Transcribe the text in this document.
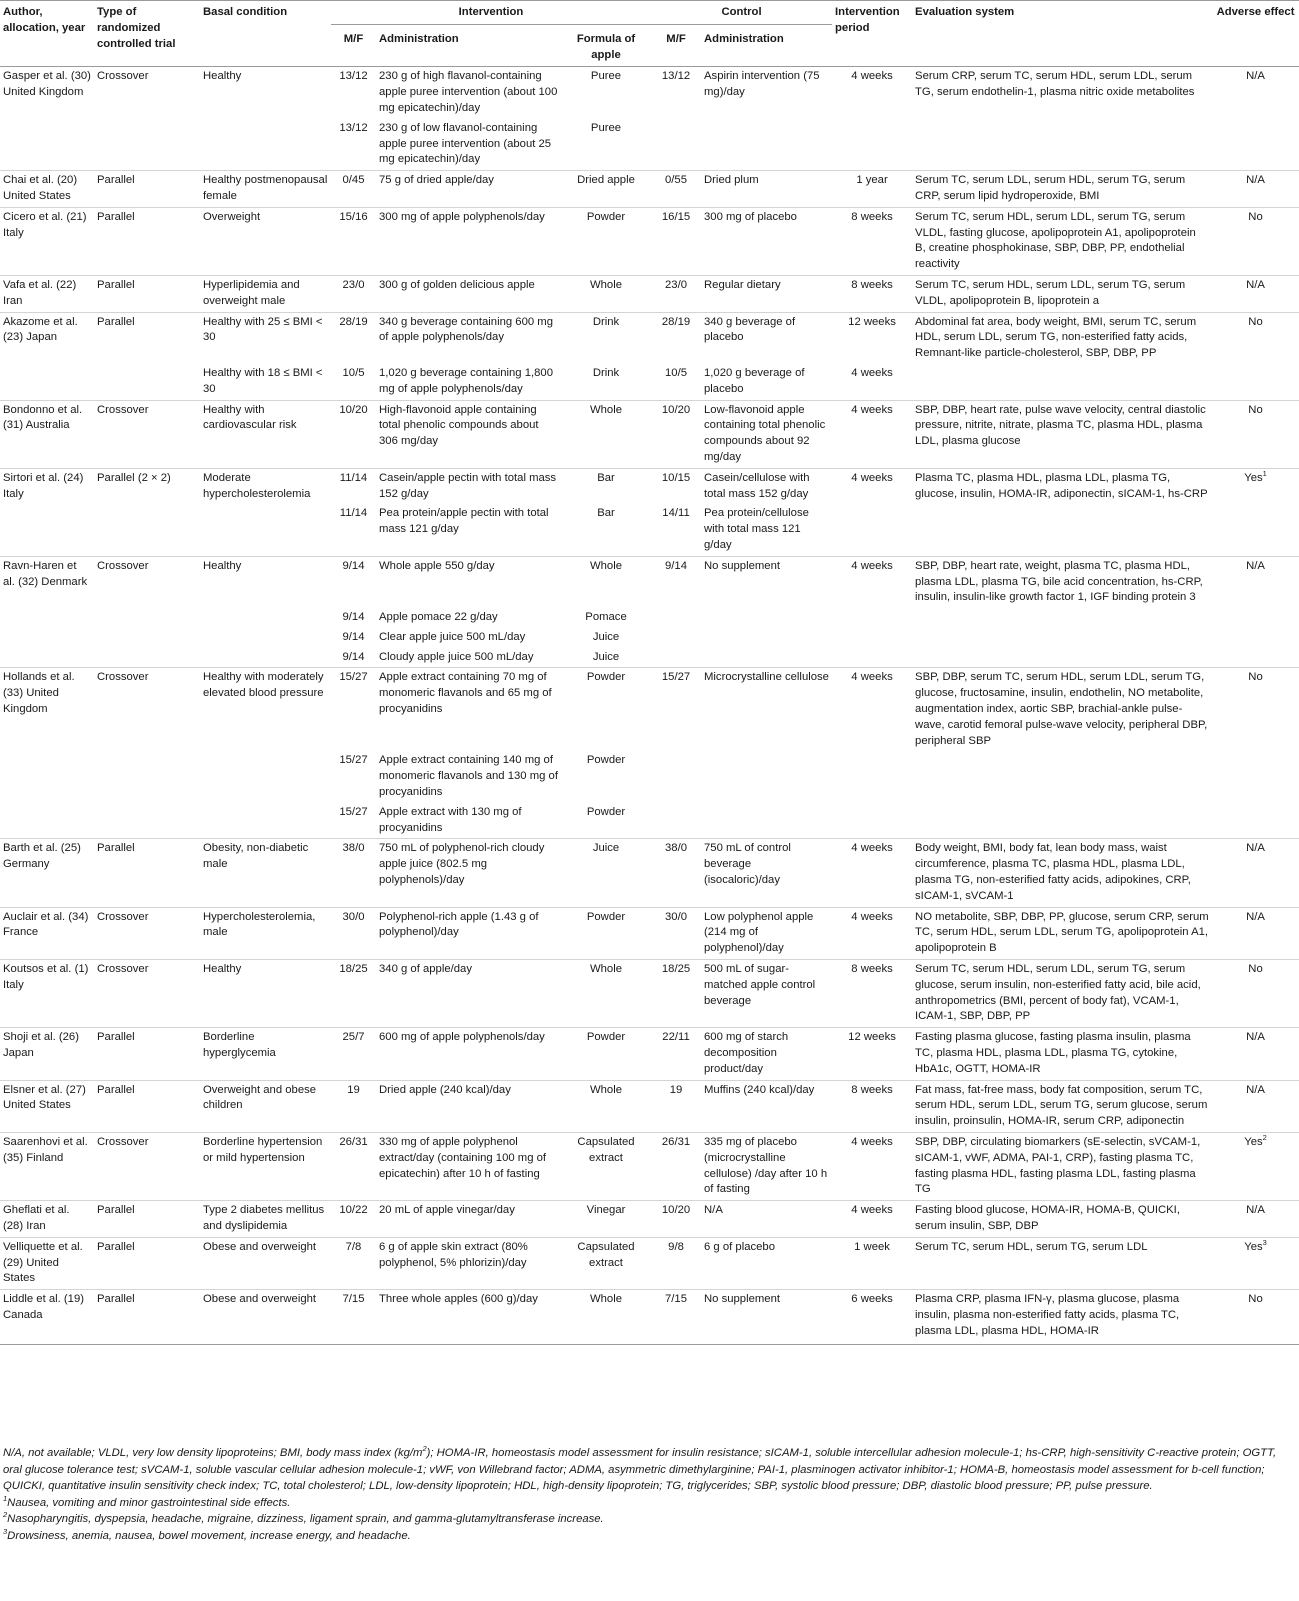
Author, allocation, year	Type of randomized controlled trial	Basal condition	Intervention			Control		Intervention period	Evaluation system	Adverse effect
			M/F	Administration	Formula of apple	M/F	Administration			
Gasper et al. (30) United Kingdom	Crossover	Healthy	13/12	230 g of high flavanol-containing apple puree intervention (about 100 mg epicatechin)/day	Puree	13/12	Aspirin intervention (75 mg)/day	4 weeks	Serum CRP, serum TC, serum HDL, serum LDL, serum TG, serum endothelin-1, plasma nitric oxide metabolites	N/A
			13/12	230 g of low flavanol-containing apple puree intervention (about 25 mg epicatechin)/day	Puree					
Chai et al. (20) United States	Parallel	Healthy postmenopausal female	0/45	75 g of dried apple/day	Dried apple	0/55	Dried plum	1 year	Serum TC, serum LDL, serum HDL, serum TG, serum CRP, serum lipid hydroperoxide, BMI	N/A
Cicero et al. (21) Italy	Parallel	Overweight	15/16	300 mg of apple polyphenols/day	Powder	16/15	300 mg of placebo	8 weeks	Serum TC, serum HDL, serum LDL, serum TG, serum VLDL, fasting glucose, apolipoprotein A1, apolipoprotein B, creatine phosphokinase, SBP, DBP, PP, endothelial reactivity	No
Vafa et al. (22) Iran	Parallel	Hyperlipidemia and overweight male	23/0	300 g of golden delicious apple	Whole	23/0	Regular dietary	8 weeks	Serum TC, serum HDL, serum LDL, serum TG, serum VLDL, apolipoprotein B, lipoprotein a	N/A
Akazome et al. (23) Japan	Parallel	Healthy with 25 ≤ BMI < 30	28/19	340 g beverage containing 600 mg of apple polyphenols/day	Drink	28/19	340 g beverage of placebo	12 weeks	Abdominal fat area, body weight, BMI, serum TC, serum HDL, serum LDL, serum TG, non-esterified fatty acids, Remnant-like particle-cholesterol, SBP, DBP, PP	No
		Healthy with 18 ≤ BMI < 30	10/5	1,020 g beverage containing 1,800 mg of apple polyphenols/day	Drink	10/5	1,020 g beverage of placebo	4 weeks		
Bondonno et al. (31) Australia	Crossover	Healthy with cardiovascular risk	10/20	High-flavonoid apple containing total phenolic compounds about 306 mg/day	Whole	10/20	Low-flavonoid apple containing total phenolic compounds about 92 mg/day	4 weeks	SBP, DBP, heart rate, pulse wave velocity, central diastolic pressure, nitrite, nitrate, plasma TC, plasma HDL, plasma LDL, plasma glucose	No
Sirtori et al. (24) Italy	Parallel (2 × 2)	Moderate hypercholesterolemia	11/14	Casein/apple pectin with total mass 152 g/day	Bar	10/15	Casein/cellulose with total mass 152 g/day	4 weeks	Plasma TC, plasma HDL, plasma LDL, plasma TG, glucose, insulin, HOMA-IR, adiponectin, sICAM-1, hs-CRP	Yes$^1$
			11/14	Pea protein/apple pectin with total mass 121 g/day	Bar	14/11	Pea protein/cellulose with total mass 121 g/day			
Ravn-Haren et al. (32) Denmark	Crossover	Healthy	9/14	Whole apple 550 g/day	Whole	9/14	No supplement	4 weeks	SBP, DBP, heart rate, weight, plasma TC, plasma HDL, plasma LDL, plasma TG, bile acid concentration, hs-CRP, insulin, insulin-like growth factor 1, IGF binding protein 3	N/A
			9/14	Apple pomace 22 g/day	Pomace					
			9/14	Clear apple juice 500 mL/day	Juice					
			9/14	Cloudy apple juice 500 mL/day	Juice					
Hollands et al. (33) United Kingdom	Crossover	Healthy with moderately elevated blood pressure	15/27	Apple extract containing 70 mg of monomeric flavanols and 65 mg of procyanidins	Powder	15/27	Microcrystalline cellulose	4 weeks	SBP, DBP, serum TC, serum HDL, serum LDL, serum TG, glucose, fructosamine, insulin, endothelin, NO metabolite, augmentation index, aortic SBP, brachial-ankle pulse-wave, carotid femoral pulse-wave velocity, peripheral DBP, peripheral SBP	No
			15/27	Apple extract containing 140 mg of monomeric flavanols and 130 mg of procyanidins	Powder					
			15/27	Apple extract with 130 mg of procyanidins	Powder					
Barth et al. (25) Germany	Parallel	Obesity, non-diabetic male	38/0	750 mL of polyphenol-rich cloudy apple juice (802.5 mg polyphenols)/day	Juice	38/0	750 mL of control beverage (isocaloric)/day	4 weeks	Body weight, BMI, body fat, lean body mass, waist circumference, plasma TC, plasma HDL, plasma LDL, plasma TG, non-esterified fatty acids, adipokines, CRP, sICAM-1, sVCAM-1	N/A
Auclair et al. (34) France	Crossover	Hypercholesterolemia, male	30/0	Polyphenol-rich apple (1.43 g of polyphenol)/day	Powder	30/0	Low polyphenol apple (214 mg of polyphenol)/day	4 weeks	NO metabolite, SBP, DBP, PP, glucose, serum CRP, serum TC, serum HDL, serum LDL, serum TG, apolipoprotein A1, apolipoprotein B	N/A
Koutsos et al. (1) Italy	Crossover	Healthy	18/25	340 g of apple/day	Whole	18/25	500 mL of sugar-matched apple control beverage	8 weeks	Serum TC, serum HDL, serum LDL, serum TG, serum glucose, serum insulin, non-esterified fatty acid, bile acid, anthropometrics (BMI, percent of body fat), VCAM-1, ICAM-1, SBP, DBP, PP	No
Shoji et al. (26) Japan	Parallel	Borderline hyperglycemia	25/7	600 mg of apple polyphenols/day	Powder	22/11	600 mg of starch decomposition product/day	12 weeks	Fasting plasma glucose, fasting plasma insulin, plasma TC, plasma HDL, plasma LDL, plasma TG, cytokine, HbA1c, OGTT, HOMA-IR	N/A
Elsner et al. (27) United States	Parallel	Overweight and obese children	19	Dried apple (240 kcal)/day	Whole	19	Muffins (240 kcal)/day	8 weeks	Fat mass, fat-free mass, body fat composition, serum TC, serum HDL, serum LDL, serum TG, serum glucose, serum insulin, proinsulin, HOMA-IR, serum CRP, adiponectin	N/A
Saarenhovi et al. (35) Finland	Crossover	Borderline hypertension or mild hypertension	26/31	330 mg of apple polyphenol extract/day (containing 100 mg of epicatechin) after 10 h of fasting	Capsulated extract	26/31	335 mg of placebo (microcrystalline cellulose) /day after 10 h of fasting	4 weeks	SBP, DBP, circulating biomarkers (sE-selectin, sVCAM-1, sICAM-1, vWF, ADMA, PAI-1, CRP), fasting plasma TC, fasting plasma HDL, fasting plasma LDL, fasting plasma TG	Yes$^2$
Gheflati et al. (28) Iran	Parallel	Type 2 diabetes mellitus and dyslipidemia	10/22	20 mL of apple vinegar/day	Vinegar	10/20	N/A	4 weeks	Fasting blood glucose, HOMA-IR, HOMA-B, QUICKI, serum insulin, SBP, DBP	N/A
Velliquette et al. (29) United States	Parallel	Obese and overweight	7/8	6 g of apple skin extract (80% polyphenol, 5% phlorizin)/day	Capsulated extract	9/8	6 g of placebo	1 week	Serum TC, serum HDL, serum TG, serum LDL	Yes$^3$
Liddle et al. (19) Canada	Parallel	Obese and overweight	7/15	Three whole apples (600 g)/day	Whole	7/15	No supplement	6 weeks	Plasma CRP, plasma IFN-γ, plasma glucose, plasma insulin, plasma non-esterified fatty acids, plasma TC, plasma LDL, plasma HDL, HOMA-IR	No

N/A, not available; VLDL, very low density lipoproteins; BMI, body mass index $(kg/m^2)$; HOMA-IR, homeostasis model assessment for insulin resistance; sICAM-1, soluble intercellular adhesion molecule-1; hs-CRP, high-sensitivity C-reactive protein; OGTT, oral glucose tolerance test; sVCAM-1, soluble vascular cellular adhesion molecule-1; vWF, von Willebrand factor; ADMA, asymmetric dimethylarginine; PAI-1, plasminogen activator inhibitor-1; HOMA-B, homeostasis model assessment for b-cell function; QUICKI, quantitative insulin sensitivity check index; TC, total cholesterol; LDL, low-density lipoprotein; HDL, high-density lipoprotein; TG, triglycerides; SBP, systolic blood pressure; DBP, diastolic blood pressure; PP, pulse pressure.

$^1$Nausea, vomiting and minor gastrointestinal side effects.

$^2$Nasopharyngitis, dyspepsia, headache, migraine, dizziness, ligament sprain, and gamma-glutamyltransferase increase.

$^3$Drowsiness, anemia, nausea, bowel movement, increase energy, and headache.
